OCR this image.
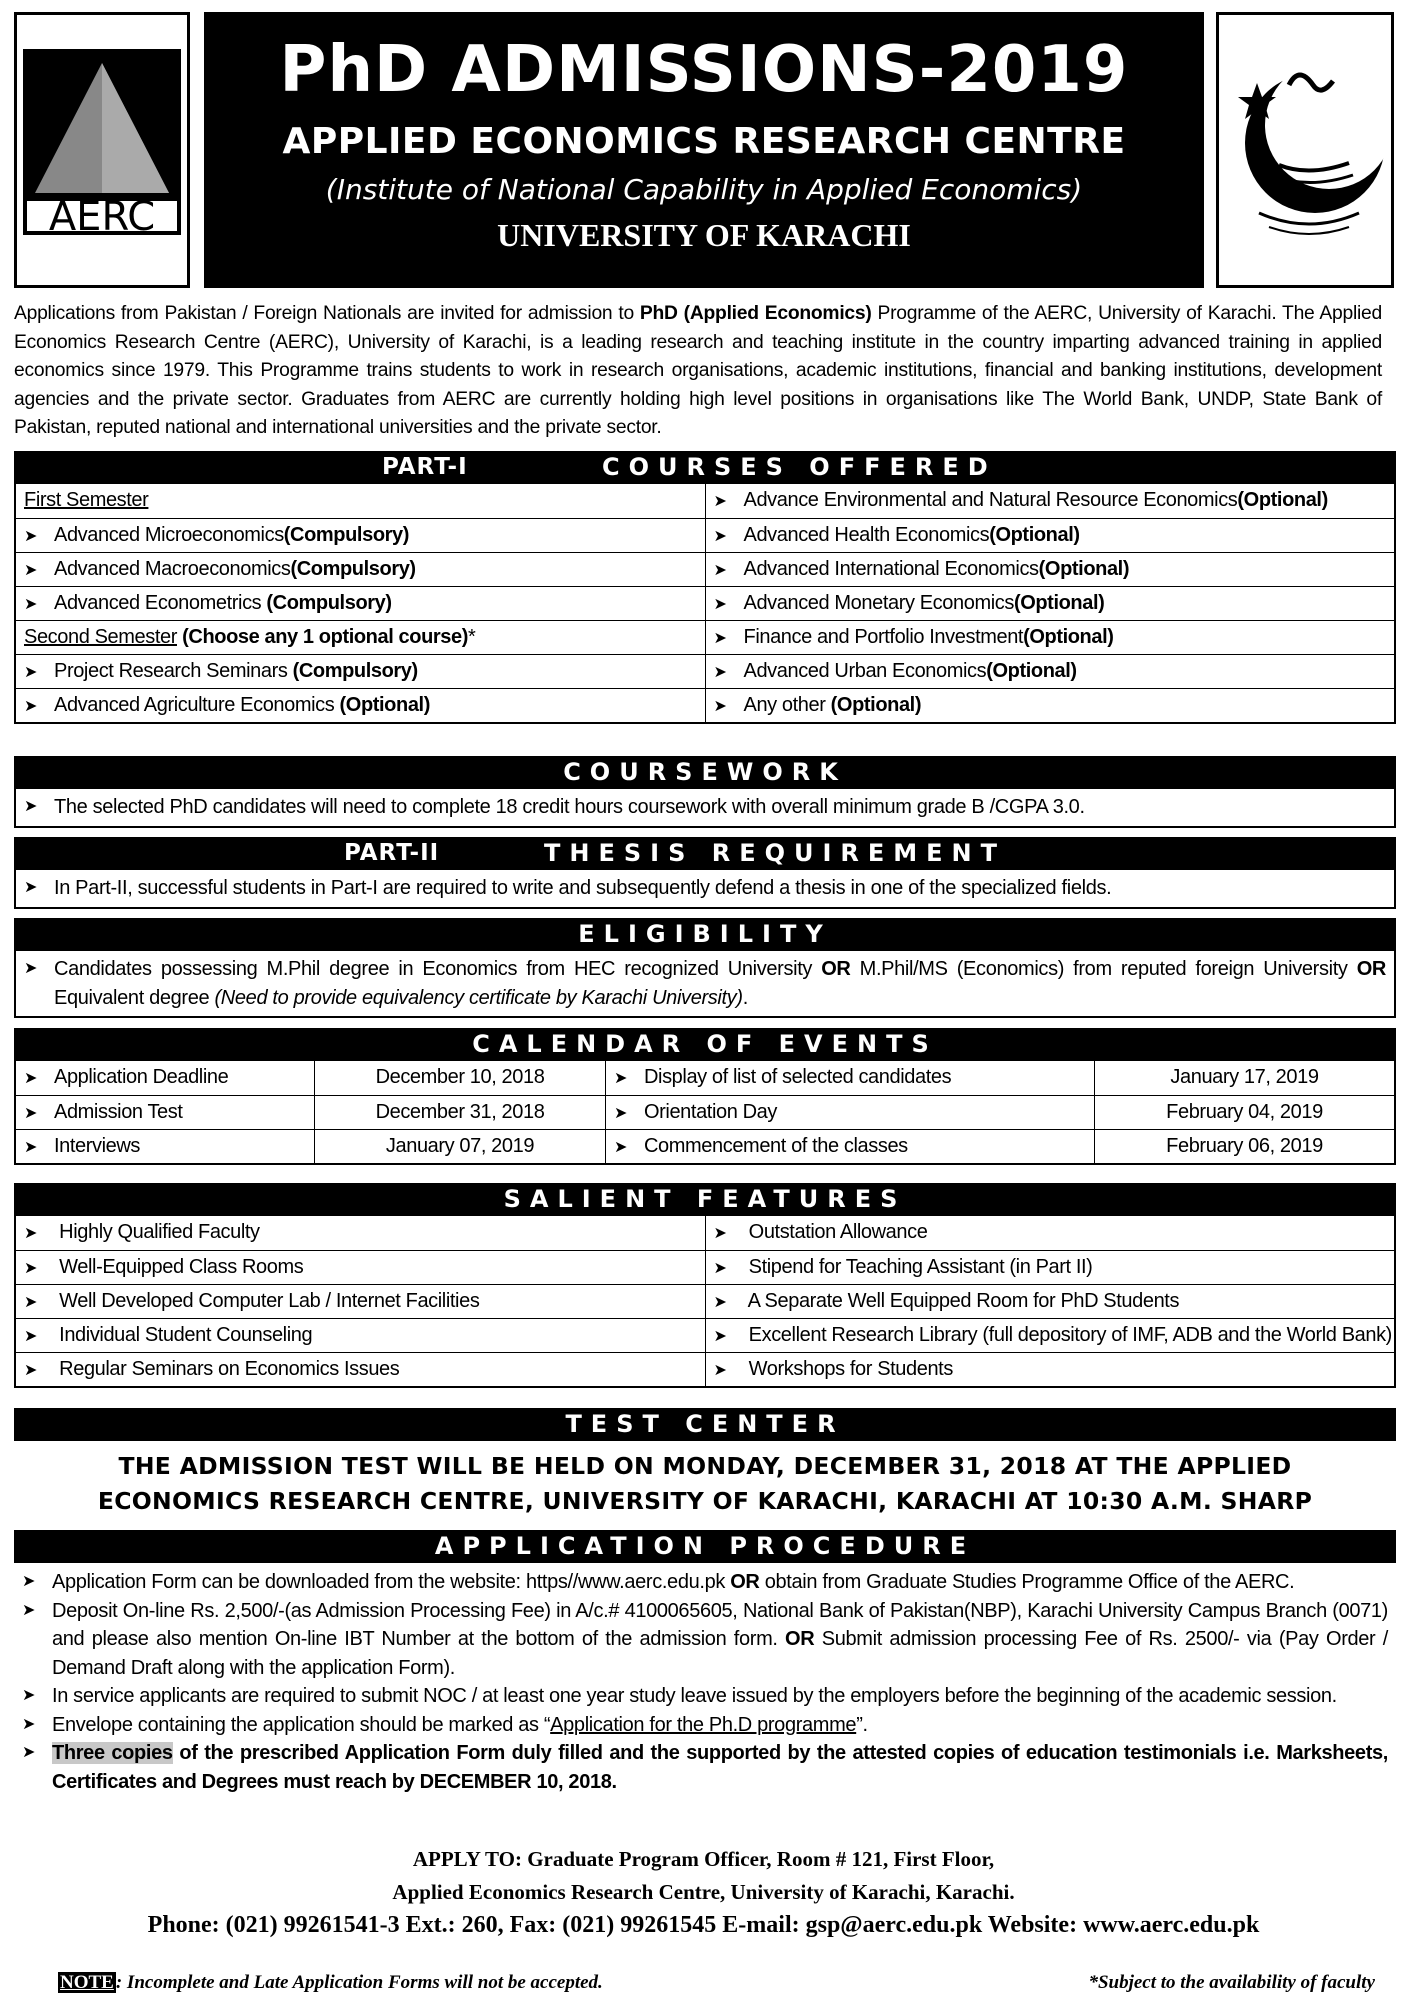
AERC
PhD ADMISSIONS-2019
APPLIED ECONOMICS RESEARCH CENTRE
(Institute of National Capability in Applied Economics)
UNIVERSITY OF KARACHI
Applications from Pakistan / Foreign Nationals are invited for admission to PhD (Applied Economics) Programme of the AERC, University of Karachi. The Applied Economics Research Centre (AERC), University of Karachi, is a leading research and teaching institute in the country imparting advanced training in applied economics since 1979. This Programme trains students to work in research organisations, academic institutions, financial and banking institutions, development agencies and the private sector. Graduates from AERC are currently holding high level positions in organisations like The World Bank, UNDP, State Bank of Pakistan, reputed national and international universities and the private sector.
PART-I	COURSES OFFERED
First Semester	➤ Advance Environmental and Natural Resource Economics(Optional)
➤ Advanced Microeconomics(Compulsory)	➤ Advanced Health Economics(Optional)
➤ Advanced Macroeconomics(Compulsory)	➤ Advanced International Economics(Optional)
➤ Advanced Econometrics (Compulsory)	➤ Advanced Monetary Economics(Optional)
Second Semester (Choose any 1 optional course)*	➤ Finance and Portfolio Investment(Optional)
➤ Project Research Seminars (Compulsory)	➤ Advanced Urban Economics(Optional)
➤ Advanced Agriculture Economics (Optional)	➤ Any other (Optional)
COURSEWORK
➤ The selected PhD candidates will need to complete 18 credit hours coursework with overall minimum grade B /CGPA 3.0.
PART-II	THESIS REQUIREMENT
➤ In Part-II, successful students in Part-I are required to write and subsequently defend a thesis in one of the specialized fields.
ELIGIBILITY
➤ Candidates possessing M.Phil degree in Economics from HEC recognized University OR M.Phil/MS (Economics) from reputed foreign University OR Equivalent degree (Need to provide equivalency certificate by Karachi University).
CALENDAR OF EVENTS
➤ Application Deadline	December 10, 2018	➤ Display of list of selected candidates	January 17, 2019
➤ Admission Test	December 31, 2018	➤ Orientation Day	February 04, 2019
➤ Interviews	January 07, 2019	➤ Commencement of the classes	February 06, 2019
SALIENT FEATURES
➤ Highly Qualified Faculty	➤ Outstation Allowance
➤ Well-Equipped Class Rooms	➤ Stipend for Teaching Assistant (in Part II)
➤ Well Developed Computer Lab / Internet Facilities	➤ A Separate Well Equipped Room for PhD Students
➤ Individual Student Counseling	➤ Excellent Research Library (full depository of IMF, ADB and the World Bank)
➤ Regular Seminars on Economics Issues	➤ Workshops for Students
TEST CENTER
THE ADMISSION TEST WILL BE HELD ON MONDAY, DECEMBER 31, 2018 AT THE APPLIED
ECONOMICS RESEARCH CENTRE, UNIVERSITY OF KARACHI, KARACHI AT 10:30 A.M. SHARP
APPLICATION PROCEDURE
➤ Application Form can be downloaded from the website: https//www.aerc.edu.pk OR obtain from Graduate Studies Programme Office of the AERC.
➤ Deposit On-line Rs. 2,500/-(as Admission Processing Fee) in A/c.# 4100065605, National Bank of Pakistan(NBP), Karachi University Campus Branch (0071) and please also mention On-line IBT Number at the bottom of the admission form. OR Submit admission processing Fee of Rs. 2500/- via (Pay Order / Demand Draft along with the application Form).
➤ In service applicants are required to submit NOC / at least one year study leave issued by the employers before the beginning of the academic session.
➤ Envelope containing the application should be marked as “Application for the Ph.D programme”.
➤ Three copies of the prescribed Application Form duly filled and the supported by the attested copies of education testimonials i.e. Marksheets, Certificates and Degrees must reach by DECEMBER 10, 2018.
APPLY TO: Graduate Program Officer, Room # 121, First Floor,
Applied Economics Research Centre, University of Karachi, Karachi.
Phone: (021) 99261541-3 Ext.: 260, Fax: (021) 99261545 E-mail: gsp@aerc.edu.pk Website: www.aerc.edu.pk
NOTE : Incomplete and Late Application Forms will not be accepted.	*Subject to the availability of faculty
